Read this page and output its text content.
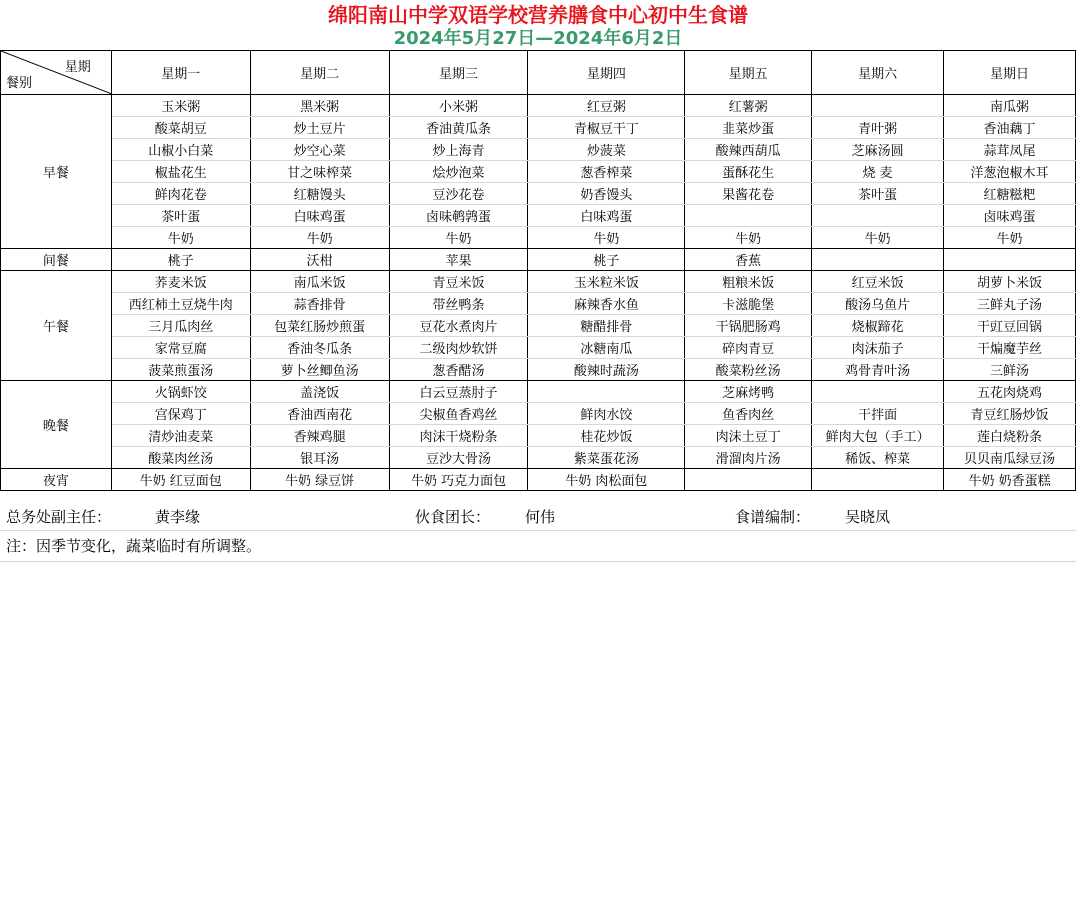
绵阳南山中学双语学校营养膳食中心初中生食谱
2024年5月27日—2024年6月2日
星期
餐别	星期一	星期二	星期三	星期四	星期五	星期六	星期日
早餐	玉米粥	黑米粥	小米粥	红豆粥	红薯粥		南瓜粥
	酸菜胡豆	炒土豆片	香油黄瓜条	青椒豆干丁	韭菜炒蛋	青叶粥	香油藕丁
	山椒小白菜	炒空心菜	炒上海青	炒菠菜	酸辣西葫瓜	芝麻汤圆	蒜茸凤尾
	椒盐花生	甘之味榨菜	烩炒泡菜	葱香榨菜	蛋酥花生	烧 麦	洋葱泡椒木耳
	鲜肉花卷	红糖馒头	豆沙花卷	奶香馒头	果酱花卷	茶叶蛋	红糖糍粑
	茶叶蛋	白味鸡蛋	卤味鹌鹑蛋	白味鸡蛋			卤味鸡蛋
	牛奶	牛奶	牛奶	牛奶	牛奶	牛奶	牛奶
间餐	桃子	沃柑	苹果	桃子	香蕉		
午餐	荞麦米饭	南瓜米饭	青豆米饭	玉米粒米饭	粗粮米饭	红豆米饭	胡萝卜米饭
	西红柿土豆烧牛肉	蒜香排骨	带丝鸭条	麻辣香水鱼	卡滋脆堡	酸汤乌鱼片	三鲜丸子汤
	三月瓜肉丝	包菜红肠炒煎蛋	豆花水煮肉片	糖醋排骨	干锅肥肠鸡	烧椒蹄花	干豇豆回锅
	家常豆腐	香油冬瓜条	二级肉炒软饼	冰糖南瓜	碎肉青豆	肉沫茄子	干煸魔芋丝
	菠菜煎蛋汤	萝卜丝鲫鱼汤	葱香醋汤	酸辣时蔬汤	酸菜粉丝汤	鸡骨青叶汤	三鲜汤
晚餐	火锅虾饺	盖浇饭	白云豆蒸肘子		芝麻烤鸭		五花肉烧鸡
	宫保鸡丁	香油西南花	尖椒鱼香鸡丝	鲜肉水饺	鱼香肉丝	干拌面	青豆红肠炒饭
	清炒油麦菜	香辣鸡腿	肉沫干烧粉条	桂花炒饭	肉沫土豆丁	鲜肉大包（手工）	莲白烧粉条
	酸菜肉丝汤	银耳汤	豆沙大骨汤	紫菜蛋花汤	滑溜肉片汤	稀饭、榨菜	贝贝南瓜绿豆汤
夜宵	牛奶 红豆面包	牛奶 绿豆饼	牛奶 巧克力面包	牛奶 肉松面包			牛奶 奶香蛋糕
总务处副主任：	黄李缘	伙食团长： 何伟	食谱编制： 吴晓凤
注：因季节变化，蔬菜临时有所调整。
